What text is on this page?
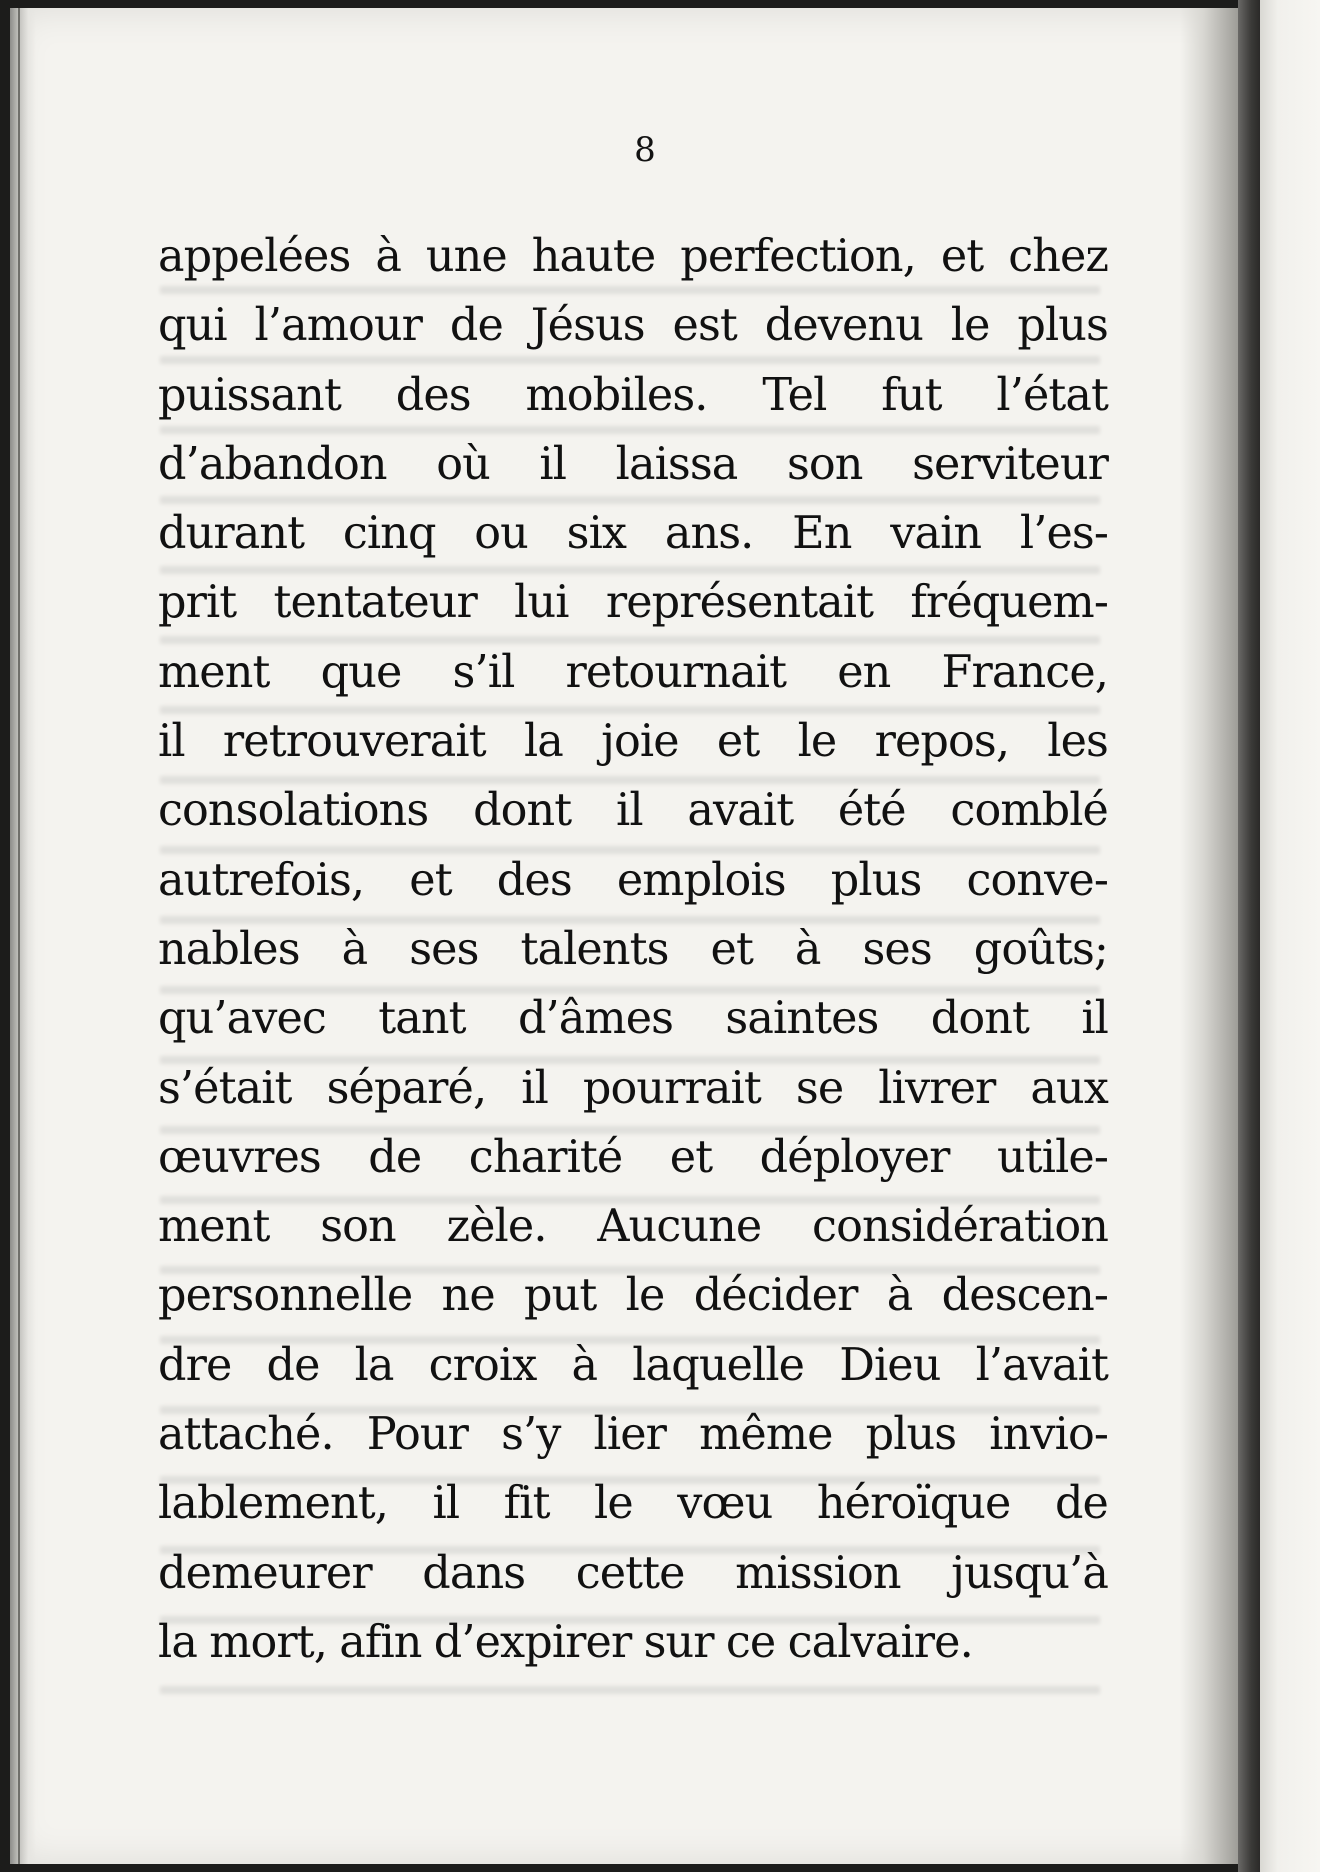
8
appelées à une haute perfection, et chez
qui l’amour de Jésus est devenu le plus
puissant des mobiles. Tel fut l’état
d’abandon où il laissa son serviteur
durant cinq ou six ans. En vain l’es-
prit tentateur lui représentait fréquem-
ment que s’il retournait en France,
il retrouverait la joie et le repos, les
consolations dont il avait été comblé
autrefois, et des emplois plus conve-
nables à ses talents et à ses goûts;
qu’avec tant d’âmes saintes dont il
s’était séparé, il pourrait se livrer aux
œuvres de charité et déployer utile-
ment son zèle. Aucune considération
personnelle ne put le décider à descen-
dre de la croix à laquelle Dieu l’avait
attaché. Pour s’y lier même plus invio-
lablement, il fit le vœu héroïque de
demeurer dans cette mission jusqu’à
la mort, afin d’expirer sur ce calvaire.
